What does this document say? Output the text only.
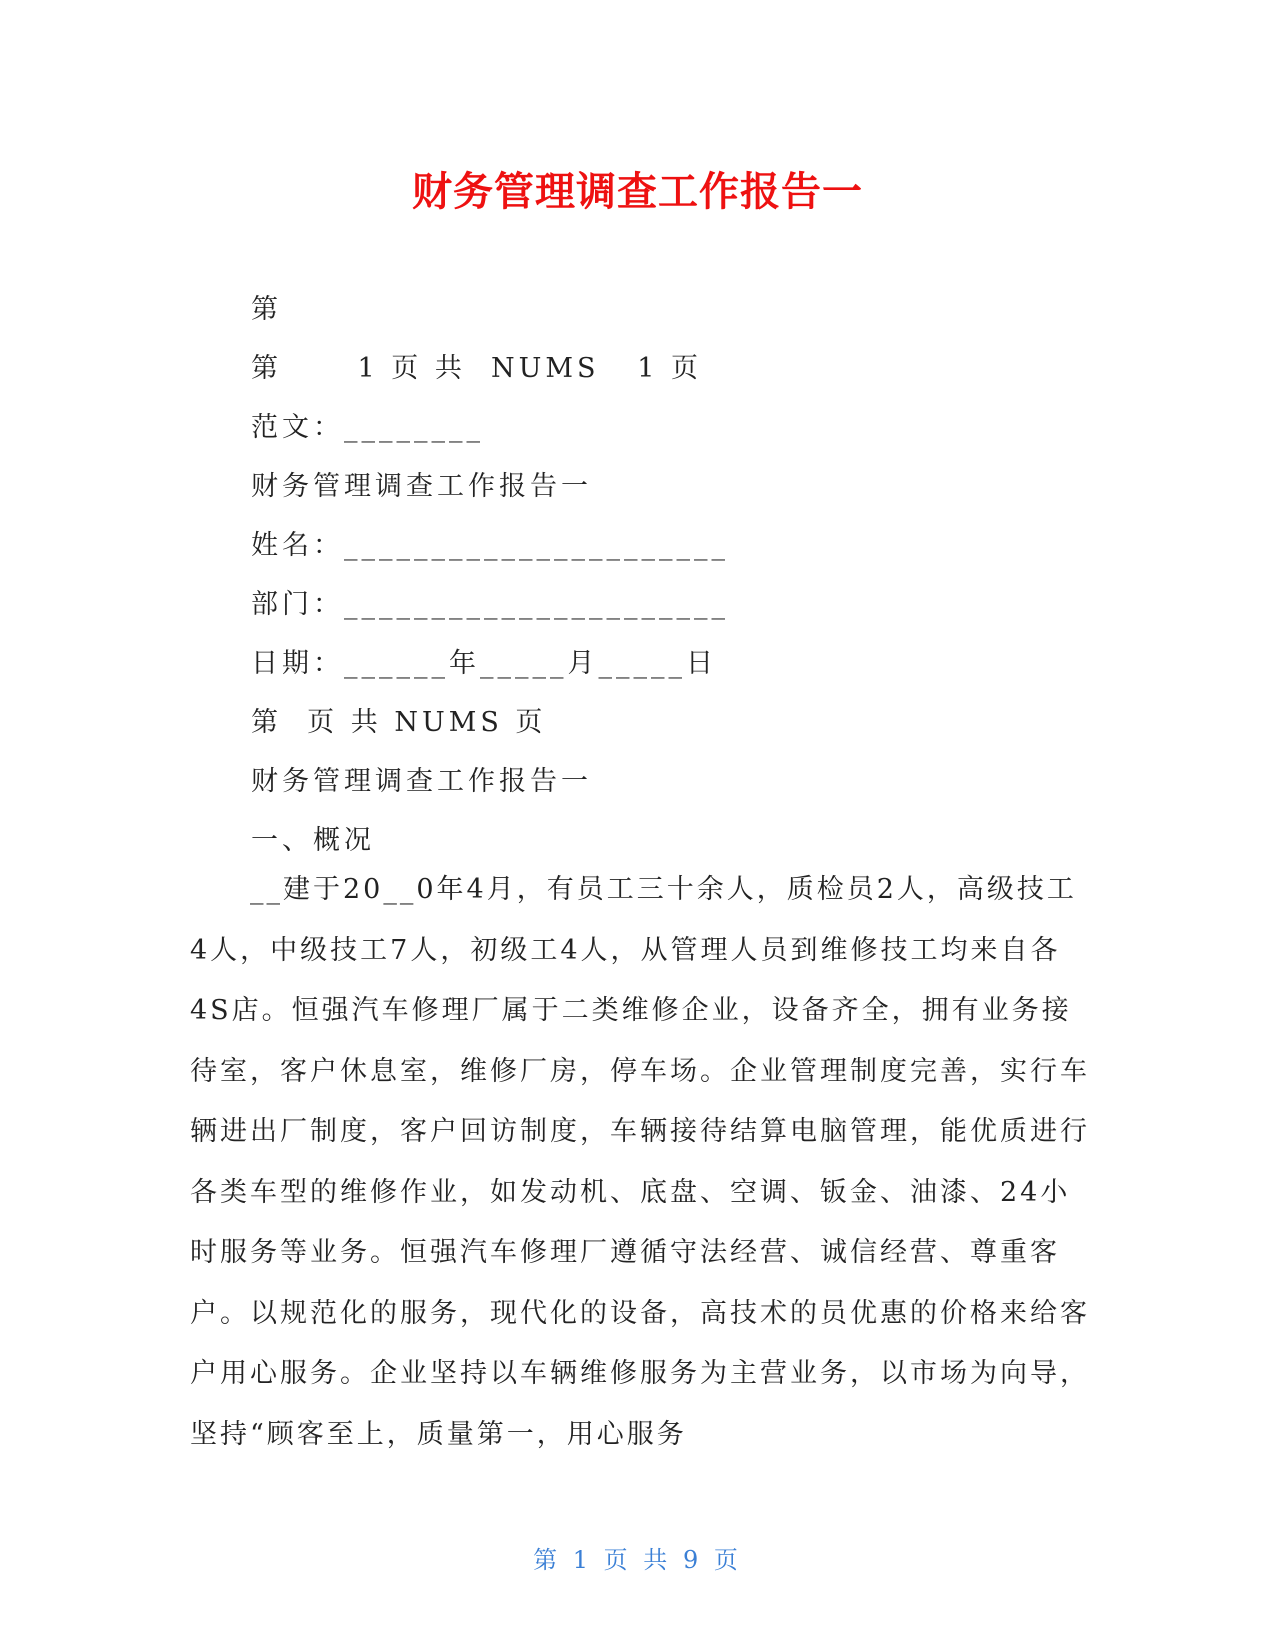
财务管理调查工作报告一
第
第      1 页 共  NUMS   1 页
范文：________
财务管理调查工作报告一
姓名：______________________
部门：______________________
日期：______年_____月_____日
第  页 共 NUMS 页
财务管理调查工作报告一
一、概况

__建于20__0年4月，有员工三十余人，质检员2人，高级技工4人，中级技工7人，初级工4人，从管理人员到维修技工均来自各4S店。恒强汽车修理厂属于二类维修企业，设备齐全，拥有业务接待室，客户休息室，维修厂房，停车场。企业管理制度完善，实行车辆进出厂制度，客户回访制度，车辆接待结算电脑管理，能优质进行各类车型的维修作业，如发动机、底盘、空调、钣金、油漆、24小时服务等业务。恒强汽车修理厂遵循守法经营、诚信经营、尊重客户。以规范化的服务，现代化的设备，高技术的员优惠的价格来给客户用心服务。企业坚持以车辆维修服务为主营业务，以市场为向导，坚持“顾客至上，质量第一，用心服务

第 1 页 共 9 页
